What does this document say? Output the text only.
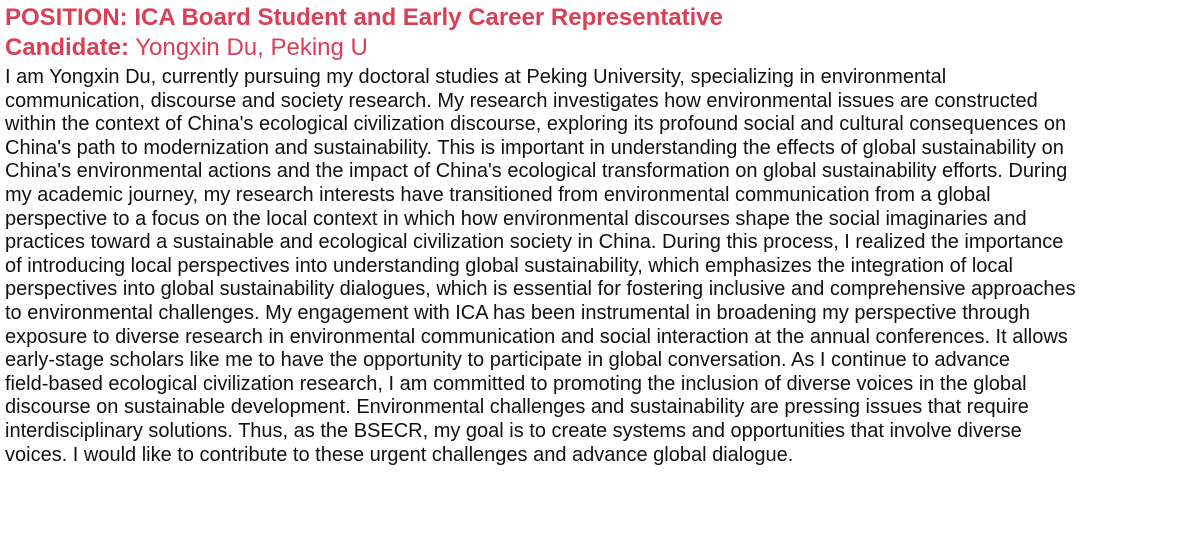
POSITION: ICA Board Student and Early Career Representative

Candidate: Yongxin Du, Peking U

I am Yongxin Du, currently pursuing my doctoral studies at Peking University, specializing in environmental
communication, discourse and society research. My research investigates how environmental issues are constructed
within the context of China's ecological civilization discourse, exploring its profound social and cultural consequences on
China's path to modernization and sustainability. This is important in understanding the effects of global sustainability on
China's environmental actions and the impact of China's ecological transformation on global sustainability efforts. During
my academic journey, my research interests have transitioned from environmental communication from a global
perspective to a focus on the local context in which how environmental discourses shape the social imaginaries and
practices toward a sustainable and ecological civilization society in China. During this process, I realized the importance
of introducing local perspectives into understanding global sustainability, which emphasizes the integration of local
perspectives into global sustainability dialogues, which is essential for fostering inclusive and comprehensive approaches
to environmental challenges. My engagement with ICA has been instrumental in broadening my perspective through
exposure to diverse research in environmental communication and social interaction at the annual conferences. It allows
early-stage scholars like me to have the opportunity to participate in global conversation. As I continue to advance
field-based ecological civilization research, I am committed to promoting the inclusion of diverse voices in the global
discourse on sustainable development. Environmental challenges and sustainability are pressing issues that require
interdisciplinary solutions. Thus, as the BSECR, my goal is to create systems and opportunities that involve diverse
voices. I would like to contribute to these urgent challenges and advance global dialogue.
